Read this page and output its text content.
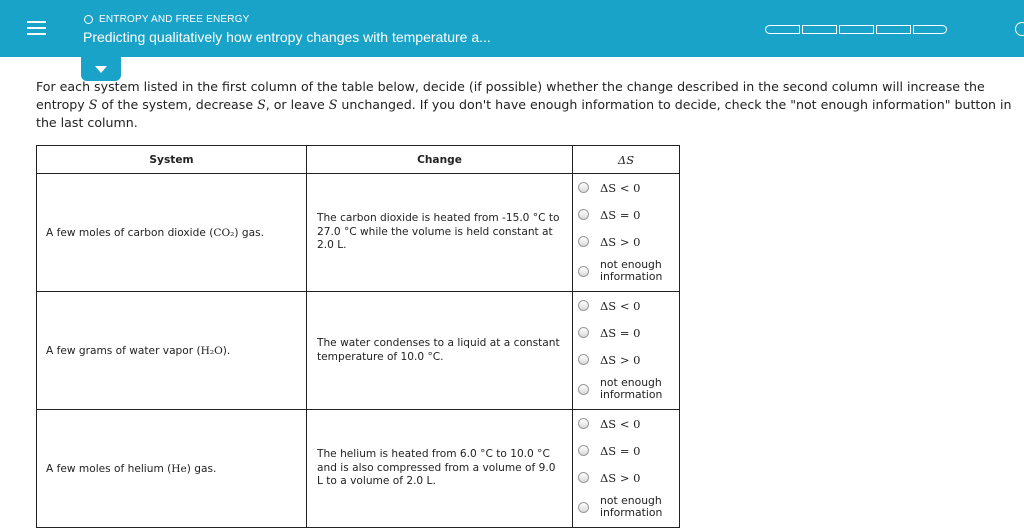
ENTROPY AND FREE ENERGY
Predicting qualitatively how entropy changes with temperature a...
For each system listed in the first column of the table below, decide (if possible) whether the change described in the second column will increase the entropy S of the system, decrease S, or leave S unchanged. If you don't have enough information to decide, check the "not enough information" button in the last column.
System	Change	ΔS
A few moles of carbon dioxide (CO₂) gas.	The carbon dioxide is heated from -15.0 °C to 27.0 °C while the volume is held constant at 2.0 L.	ΔS < 0
ΔS = 0
ΔS > 0
not enough information

A few grams of water vapor (H₂O).	The water condenses to a liquid at a constant temperature of 10.0 °C.	ΔS < 0
ΔS = 0
ΔS > 0
not enough information

A few moles of helium (He) gas.	The helium is heated from 6.0 °C to 10.0 °C and is also compressed from a volume of 9.0 L to a volume of 2.0 L.	ΔS < 0
ΔS = 0
ΔS > 0
not enough information
